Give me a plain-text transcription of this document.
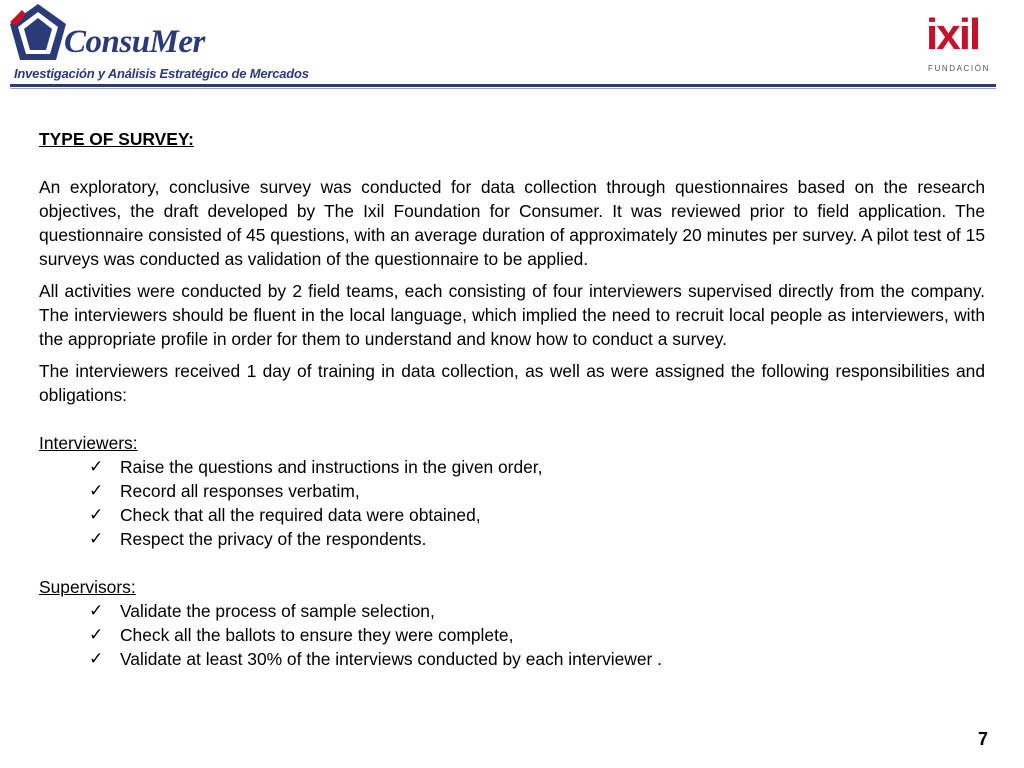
ConsuMer
Investigación y Análisis Estratégico de Mercados
ixil
FUNDACIÓN
TYPE OF SURVEY:

An exploratory, conclusive survey was conducted for data collection through questionnaires based on the research objectives, the draft developed by The Ixil Foundation for Consumer. It was reviewed prior to field application. The questionnaire consisted of 45 questions, with an average duration of approximately 20 minutes per survey. A pilot test of 15 surveys was conducted as validation of the questionnaire to be applied.

All activities were conducted by 2 field teams, each consisting of four interviewers supervised directly from the company. The interviewers should be fluent in the local language, which implied the need to recruit local people as interviewers, with the appropriate profile in order for them to understand and know how to conduct a survey.

The interviewers received 1 day of training in data collection, as well as were assigned the following responsibilities and obligations:

Interviewers:
✓ Raise the questions and instructions in the given order,
✓ Record all responses verbatim,
✓ Check that all the required data were obtained,
✓ Respect the privacy of the respondents.
Supervisors:
✓ Validate the process of sample selection,
✓ Check all the ballots to ensure they were complete,
✓ Validate at least 30% of the interviews conducted by each interviewer .
7
